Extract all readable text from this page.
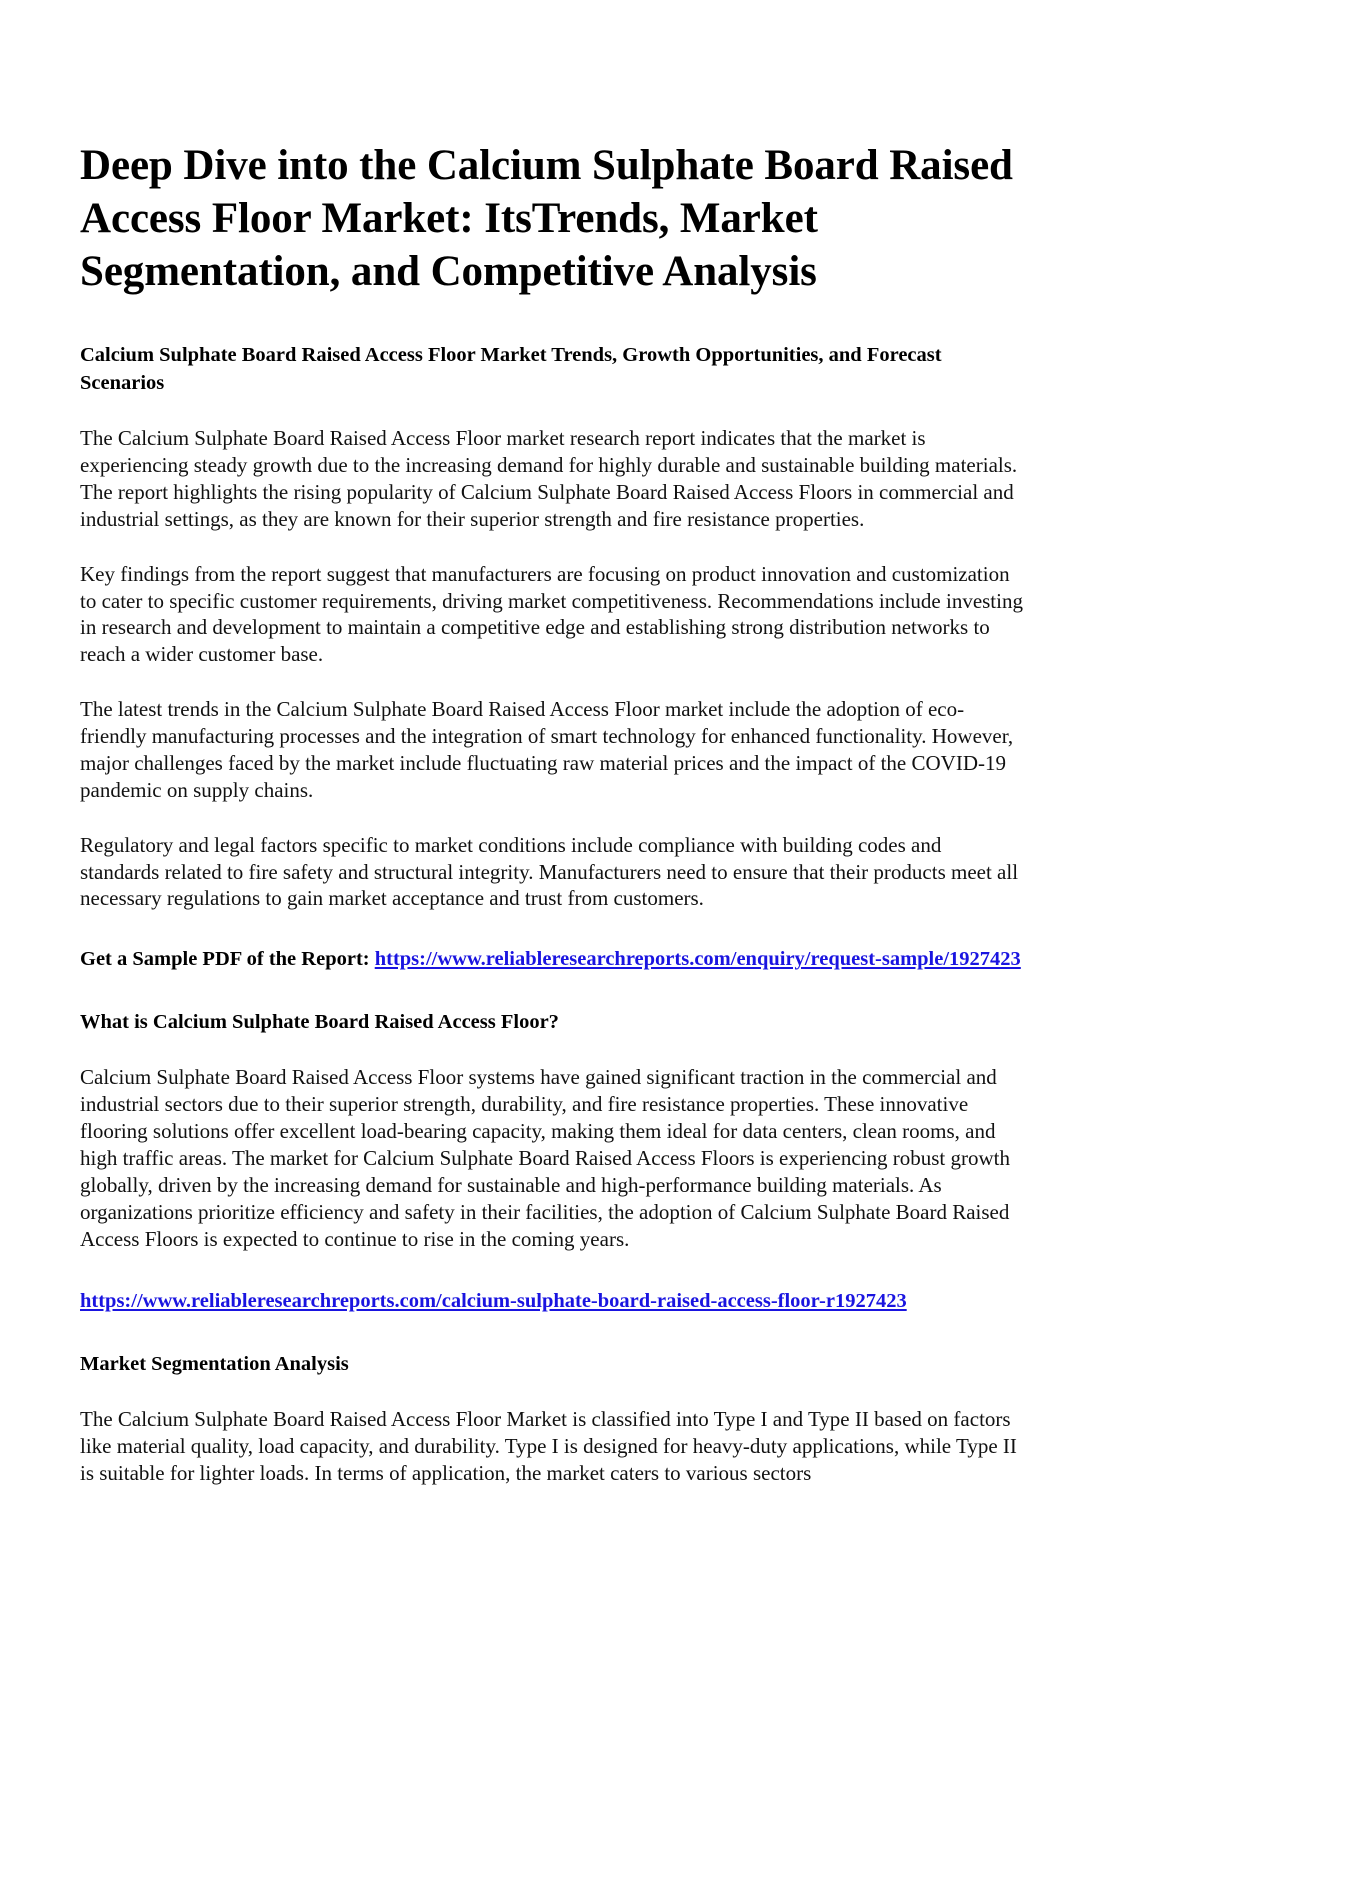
Deep Dive into the Calcium Sulphate Board Raised Access Floor Market: ItsTrends, Market Segmentation, and Competitive Analysis

Calcium Sulphate Board Raised Access Floor Market Trends, Growth Opportunities, and Forecast Scenarios

The Calcium Sulphate Board Raised Access Floor market research report indicates that the market is experiencing steady growth due to the increasing demand for highly durable and sustainable building materials. The report highlights the rising popularity of Calcium Sulphate Board Raised Access Floors in commercial and industrial settings, as they are known for their superior strength and fire resistance properties.

Key findings from the report suggest that manufacturers are focusing on product innovation and customization to cater to specific customer requirements, driving market competitiveness. Recommendations include investing in research and development to maintain a competitive edge and establishing strong distribution networks to reach a wider customer base.

The latest trends in the Calcium Sulphate Board Raised Access Floor market include the adoption of eco-friendly manufacturing processes and the integration of smart technology for enhanced functionality. However, major challenges faced by the market include fluctuating raw material prices and the impact of the COVID-19 pandemic on supply chains.

Regulatory and legal factors specific to market conditions include compliance with building codes and standards related to fire safety and structural integrity. Manufacturers need to ensure that their products meet all necessary regulations to gain market acceptance and trust from customers.

Get a Sample PDF of the Report: https://www.reliableresearchreports.com/enquiry/request-sample/1927423

What is Calcium Sulphate Board Raised Access Floor?

Calcium Sulphate Board Raised Access Floor systems have gained significant traction in the commercial and industrial sectors due to their superior strength, durability, and fire resistance properties. These innovative flooring solutions offer excellent load-bearing capacity, making them ideal for data centers, clean rooms, and high traffic areas. The market for Calcium Sulphate Board Raised Access Floors is experiencing robust growth globally, driven by the increasing demand for sustainable and high-performance building materials. As organizations prioritize efficiency and safety in their facilities, the adoption of Calcium Sulphate Board Raised Access Floors is expected to continue to rise in the coming years.

https://www.reliableresearchreports.com/calcium-sulphate-board-raised-access-floor-r1927423

Market Segmentation Analysis

The Calcium Sulphate Board Raised Access Floor Market is classified into Type I and Type II based on factors like material quality, load capacity, and durability. Type I is designed for heavy-duty applications, while Type II is suitable for lighter loads. In terms of application, the market caters to various sectors
